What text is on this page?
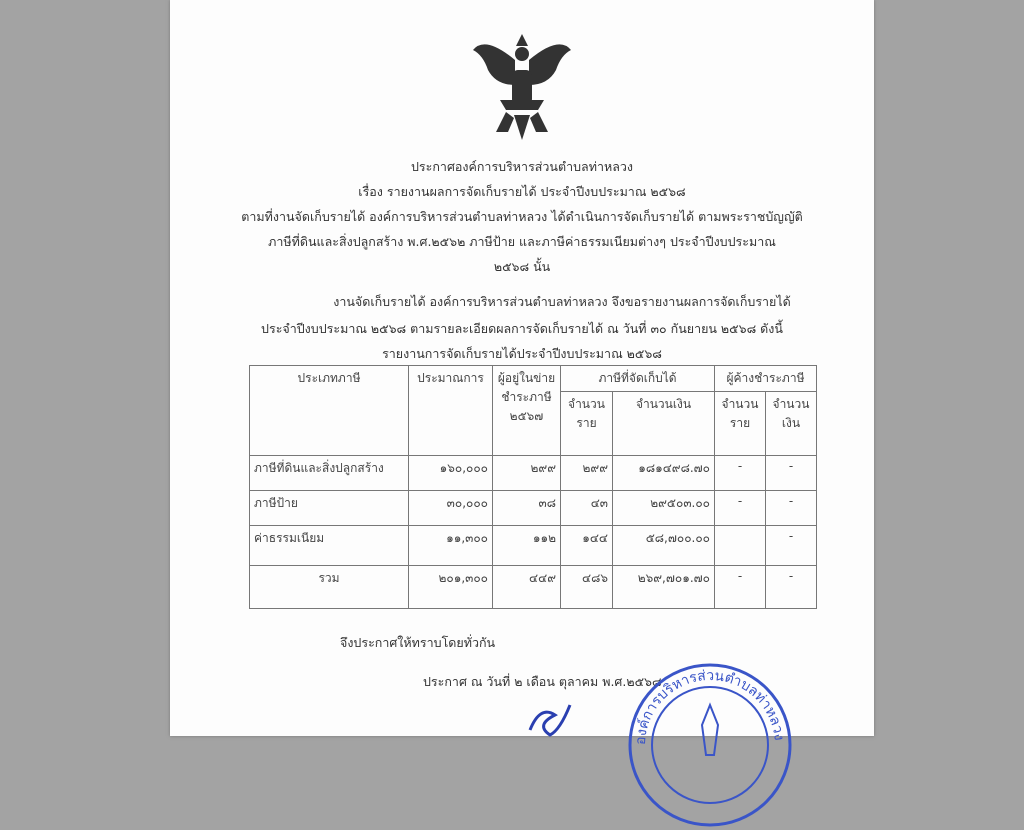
ประกาศองค์การบริหารส่วนตำบลท่าหลวง
เรื่อง รายงานผลการจัดเก็บรายได้ ประจำปีงบประมาณ ๒๕๖๘
ตามที่งานจัดเก็บรายได้ องค์การบริหารส่วนตำบลท่าหลวง ได้ดำเนินการจัดเก็บรายได้ ตามพระราชบัญญัติ
ภาษีที่ดินและสิ่งปลูกสร้าง พ.ศ.๒๕๖๒ ภาษีป้าย และภาษีค่าธรรมเนียมต่างๆ ประจำปีงบประมาณ
๒๕๖๘ นั้น
งานจัดเก็บรายได้ องค์การบริหารส่วนตำบลท่าหลวง จึงขอรายงานผลการจัดเก็บรายได้
ประจำปีงบประมาณ ๒๕๖๘ ตามรายละเอียดผลการจัดเก็บรายได้ ณ วันที่ ๓๐ กันยายน ๒๕๖๘ ดังนี้
รายงานการจัดเก็บรายได้ประจำปีงบประมาณ ๒๕๖๘
ประเภทภาษี	ประมาณการ	ผู้อยู่ในข่ายชำระภาษี ๒๕๖๗	ภาษีที่จัดเก็บได้		ผู้ค้างชำระภาษี	
			จำนวนราย	จำนวนเงิน	จำนวนราย	จำนวนเงิน
ภาษีที่ดินและสิ่งปลูกสร้าง	๑๖๐,๐๐๐	๒๙๙	๒๙๙	๑๘๑๔๙๘.๗๐	-	-
ภาษีป้าย	๓๐,๐๐๐	๓๘	๔๓	๒๙๕๐๓.๐๐	-	-
ค่าธรรมเนียม	๑๑,๓๐๐	๑๑๒	๑๔๔	๕๘,๗๐๐.๐๐		-
รวม	๒๐๑,๓๐๐	๔๔๙	๔๘๖	๒๖๙,๗๐๑.๗๐	-	-
จึงประกาศให้ทราบโดยทั่วกัน
ประกาศ ณ วันที่ ๒ เดือน ตุลาคม พ.ศ.๒๕๖๘
องค์การบริหารส่วนตำบลท่าหลวง
